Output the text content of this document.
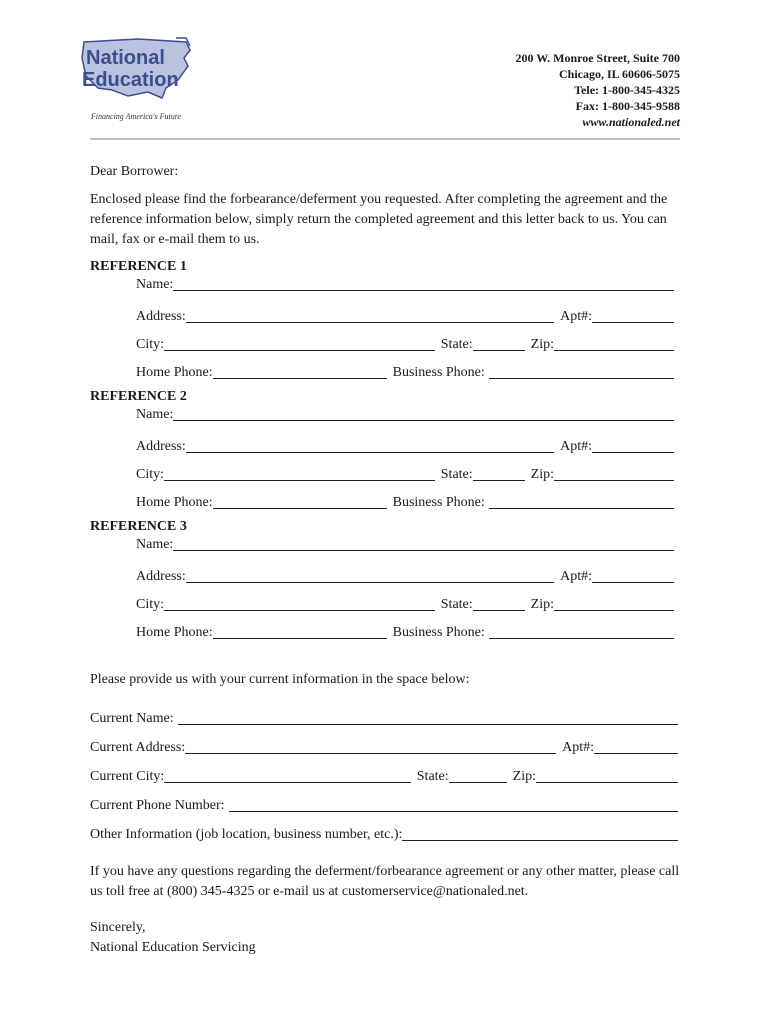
National
Education
Financing America's Future
200 W. Monroe Street, Suite 700
Chicago, IL 60606-5075
Tele: 1-800-345-4325
Fax: 1-800-345-9588
www.nationaled.net

Dear Borrower:

Enclosed please find the forbearance/deferment you requested. After completing the agreement and the reference information below, simply return the completed agreement and this letter back to us. You can mail, fax or e-mail them to us.

REFERENCE 1
Name:
Address:	Apt#:
City:	State:	Zip:
Home Phone:	Business Phone:
REFERENCE 2
Name:
Address:	Apt#:
City:	State:	Zip:
Home Phone:	Business Phone:
REFERENCE 3
Name:
Address:	Apt#:
City:	State:	Zip:
Home Phone:	Business Phone:

Please provide us with your current information in the space below:

Current Name:
Current Address:	Apt#:
Current City:	State:	Zip:
Current Phone Number:
Other Information (job location, business number, etc.):

If you have any questions regarding the deferment/forbearance agreement or any other matter, please call us toll free at (800) 345-4325 or e-mail us at customerservice@nationaled.net.

Sincerely,

National Education Servicing
